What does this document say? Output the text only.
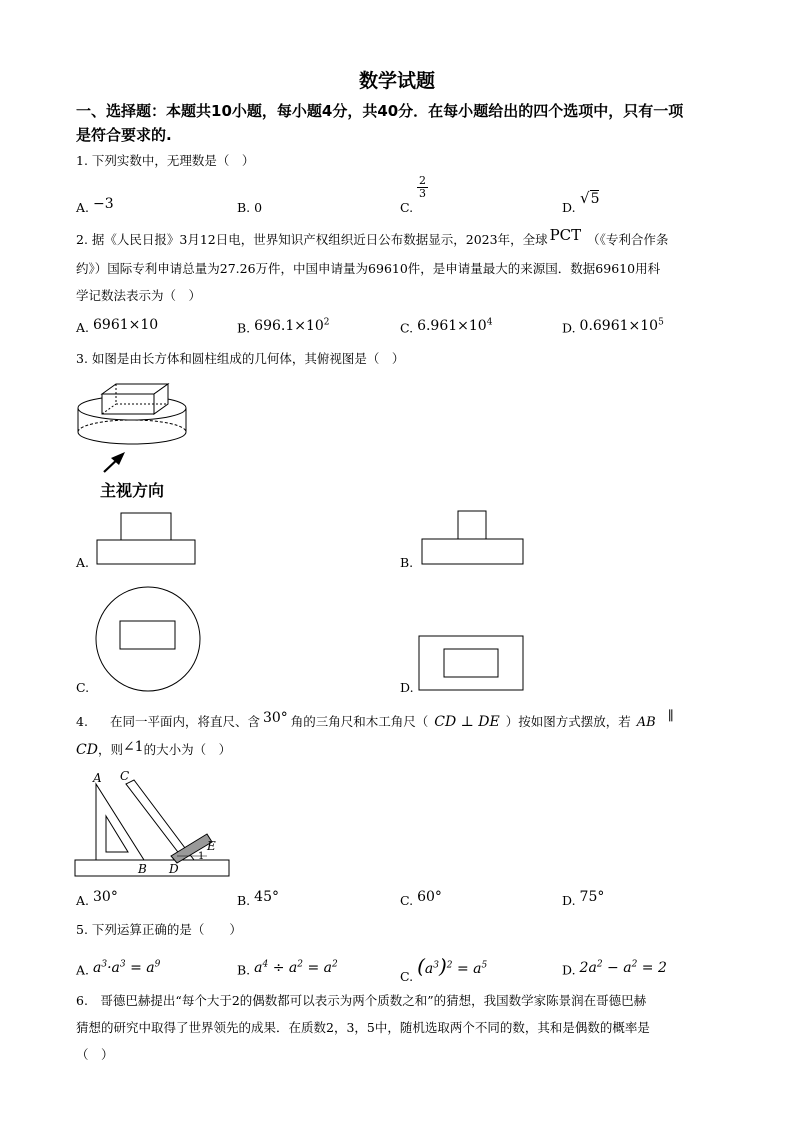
数学试题
一、选择题：本题共10小题，每小题4分，共40分．在每小题给出的四个选项中，只有一项
是符合要求的.
1. 下列实数中，无理数是（　）
A. −3	B. 0	C.
$\frac{2}{3}$
D.
√5
2. 据《人民日报》3月12日电，世界知识产权组织近日公布数据显示，2023年，全球 PCT （《专利合作条
约》）国际专利申请总量为27.26万件，中国申请量为69610件，是申请量最大的来源国．数据69610用科
学记数法表示为（　）
A. 6961×10	B. $696.1\times 10^2$	C. $6.961\times 10^4$	D. $0.6961\times 10^5$
3. 如图是由长方体和圆柱组成的几何体，其俯视图是（　）
主视方向
A.	B.
C.	D.
4. 在同一平面内，将直尺、含 30° 角的三角尺和木工角尺（ CD ⊥ DE ）按如图方式摆放，若 AB ∥
CD，则∠1的大小为（　）
A C
E
1
B D
A. 30°	B. 45°	C. 60°	D. 75°
5. 下列运算正确的是（　　）
A. $a^3\cdot a^3 = a^9$	B. $a^4 \div a^2 = a^2$
C. $(a^3)^2 = a^5$	D. $2a^2 - a^2 = 2$
6.　哥德巴赫提出“每个大于2的偶数都可以表示为两个质数之和”的猜想，我国数学家陈景润在哥德巴赫
猜想的研究中取得了世界领先的成果．在质数2，3，5中，随机选取两个不同的数，其和是偶数的概率是
（　）
